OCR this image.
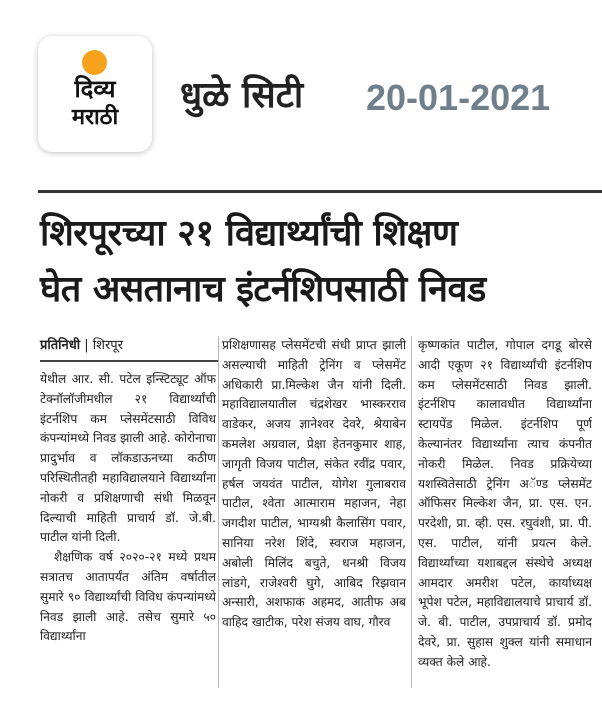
दिव्य
मराठी
धुळे सिटी 20-01-2021
शिरपूरच्या २१ विद्यार्थ्यांची शिक्षण
घेत असतानाच इंटर्नशिपसाठी निवड
प्रतिनिधी | शिरपूर

येथील आर. सी. पटेल इन्स्टिट्यूट ऑफ टेक्नॉलॉजीमधील २१ विद्यार्थ्यांची इंटर्नशिप कम प्लेसमेंटसाठी विविध कंपन्यांमध्ये निवड झाली आहे. कोरोनाचा प्रादुर्भाव व लॉकडाऊनच्या कठीण परिस्थितीतही महाविद्यालयाने विद्यार्थ्यांना नोकरी व प्रशिक्षणाची संधी मिळवून दिल्याची माहिती प्राचार्य डॉ. जे.बी. पाटील यांनी दिली.

शैक्षणिक वर्ष २०२०-२१ मध्ये प्रथम सत्रातच आतापर्यंत अंतिम वर्षातील सुमारे ९० विद्यार्थ्यांची विविध कंपन्यांमध्ये निवड झाली आहे. तसेच सुमारे ५० विद्यार्थ्यांना

प्रशिक्षणासह प्लेसमेंटची संधी प्राप्त झाली असल्याची माहिती ट्रेनिंग व प्लेसमेंट अधिकारी प्रा.मिल्केश जैन यांनी दिली. महाविद्यालयातील चंद्रशेखर भास्करराव वाडेकर, अजय ज्ञानेश्वर देवरे, श्रेयाबेन कमलेश अग्रवाल, प्रेक्षा हेतनकुमार शाह, जागृती विजय पाटील, संकेत रवींद्र पवार, हर्षल जयवंत पाटील, योगेश गुलाबराव पाटील, श्वेता आत्माराम महाजन, नेहा जगदीश पाटील, भाग्यश्री कैलासिंग पवार, सानिया नरेश शिंदे, स्वराज महाजन, अबोली मिलिंद बचुते, धनश्री विजय लांडगे, राजेश्वरी घुगे, आबिद रिझवान अन्सारी, अशफाक अहमद, आतीफ अब वाहिद खाटीक, परेश संजय वाघ, गौरव

कृष्णकांत पाटील, गोपाल दगडू बोरसे आदी एकूण २१ विद्यार्थ्यांची इंटर्नशिप कम प्लेसमेंटसाठी निवड झाली. इंटर्नशिप कालावधीत विद्यार्थ्यांना स्टायपेंड मिळेल. इंटर्नशिप पूर्ण केल्यानंतर विद्यार्थ्यांना त्याच कंपनीत नोकरी मिळेल. निवड प्रक्रियेच्या यशस्वितेसाठी ट्रेनिंग अॅण्ड प्लेसमेंट ऑफिसर मिल्केश जैन, प्रा. एस. एन. परदेशी, प्रा. व्ही. एस. रघुवंशी, प्रा. पी. एस. पाटील, यांनी प्रयत्न केले. विद्यार्थ्यांच्या यशाबद्दल संस्थेचे अध्यक्ष आमदार अमरीश पटेल, कार्याध्यक्ष भूपेश पटेल, महाविद्यालयाचे प्राचार्य डॉ. जे. बी. पाटील, उपप्राचार्य डॉ. प्रमोद देवरे, प्रा. सुहास शुक्ल यांनी समाधान व्यक्त केले आहे.
